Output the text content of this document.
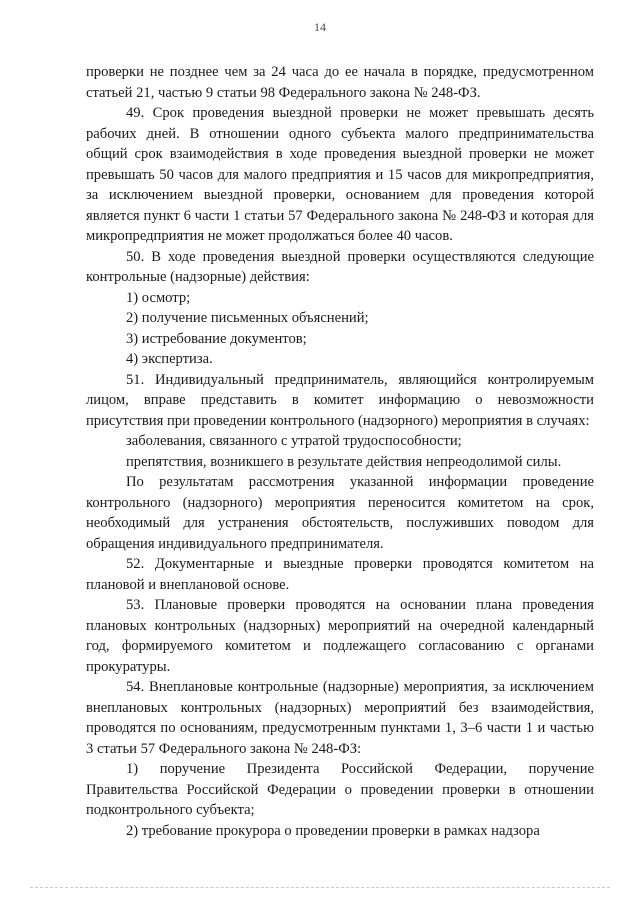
14

проверки не позднее чем за 24 часа до ее начала в порядке, предусмотренном статьей 21, частью 9 статьи 98 Федерального закона № 248-ФЗ.

49. Срок проведения выездной проверки не может превышать десять рабочих дней. В отношении одного субъекта малого предпринимательства общий срок взаимодействия в ходе проведения выездной проверки не может превышать 50 часов для малого предприятия и 15 часов для микропредприятия, за исключением выездной проверки, основанием для проведения которой является пункт 6 части 1 статьи 57 Федерального закона № 248-ФЗ и которая для микропредприятия не может продолжаться более 40 часов.

50. В ходе проведения выездной проверки осуществляются следующие контрольные (надзорные) действия:

1) осмотр;

2) получение письменных объяснений;

3) истребование документов;

4) экспертиза.

51. Индивидуальный предприниматель, являющийся контролируемым лицом, вправе представить в комитет информацию о невозможности присутствия при проведении контрольного (надзорного) мероприятия в случаях:

заболевания, связанного с утратой трудоспособности;

препятствия, возникшего в результате действия непреодолимой силы.

По результатам рассмотрения указанной информации проведение контрольного (надзорного) мероприятия переносится комитетом на срок, необходимый для устранения обстоятельств, послуживших поводом для обращения индивидуального предпринимателя.

52. Документарные и выездные проверки проводятся комитетом на плановой и внеплановой основе.

53. Плановые проверки проводятся на основании плана проведения плановых контрольных (надзорных) мероприятий на очередной календарный год, формируемого комитетом и подлежащего согласованию с органами прокуратуры.

54. Внеплановые контрольные (надзорные) мероприятия, за исключением внеплановых контрольных (надзорных) мероприятий без взаимодействия, проводятся по основаниям, предусмотренным пунктами 1, 3–6 части 1 и частью 3 статьи 57 Федерального закона № 248-ФЗ:

1) поручение Президента Российской Федерации, поручение Правительства Российской Федерации о проведении проверки в отношении подконтрольного субъекта;

2) требование прокурора о проведении проверки в рамках надзора
